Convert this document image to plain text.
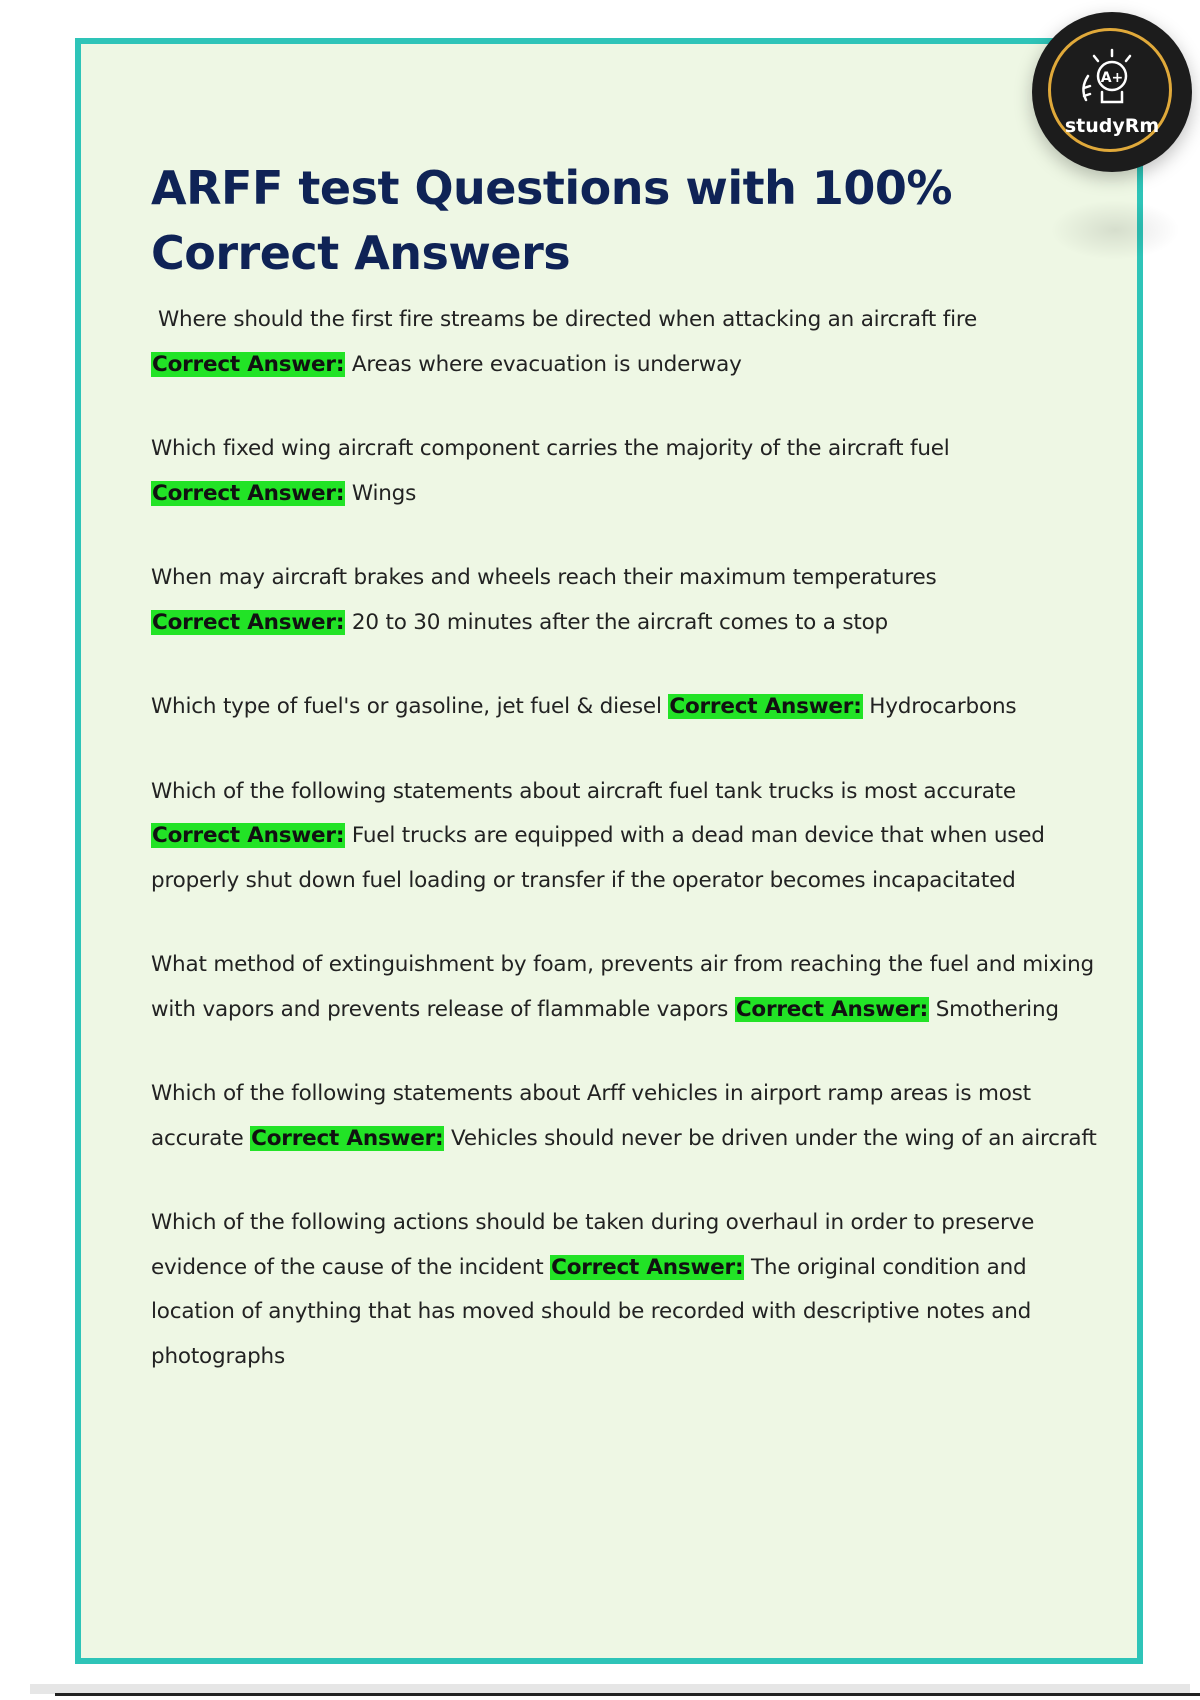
ARFF test Questions with 100% Correct Answers

Where should the first fire streams be directed when attacking an aircraft fire
Correct Answer: Areas where evacuation is underway

Which fixed wing aircraft component carries the majority of the aircraft fuel
Correct Answer: Wings

When may aircraft brakes and wheels reach their maximum temperatures
Correct Answer: 20 to 30 minutes after the aircraft comes to a stop

Which type of fuel's or gasoline, jet fuel & diesel Correct Answer: Hydrocarbons

Which of the following statements about aircraft fuel tank trucks is most accurate Correct Answer: Fuel trucks are equipped with a dead man device that when used properly shut down fuel loading or transfer if the operator becomes incapacitated

What method of extinguishment by foam, prevents air from reaching the fuel and mixing with vapors and prevents release of flammable vapors Correct Answer: Smothering

Which of the following statements about Arff vehicles in airport ramp areas is most accurate Correct Answer: Vehicles should never be driven under the wing of an aircraft

Which of the following actions should be taken during overhaul in order to preserve evidence of the cause of the incident Correct Answer: The original condition and location of anything that has moved should be recorded with descriptive notes and photographs

A+
studyRm
